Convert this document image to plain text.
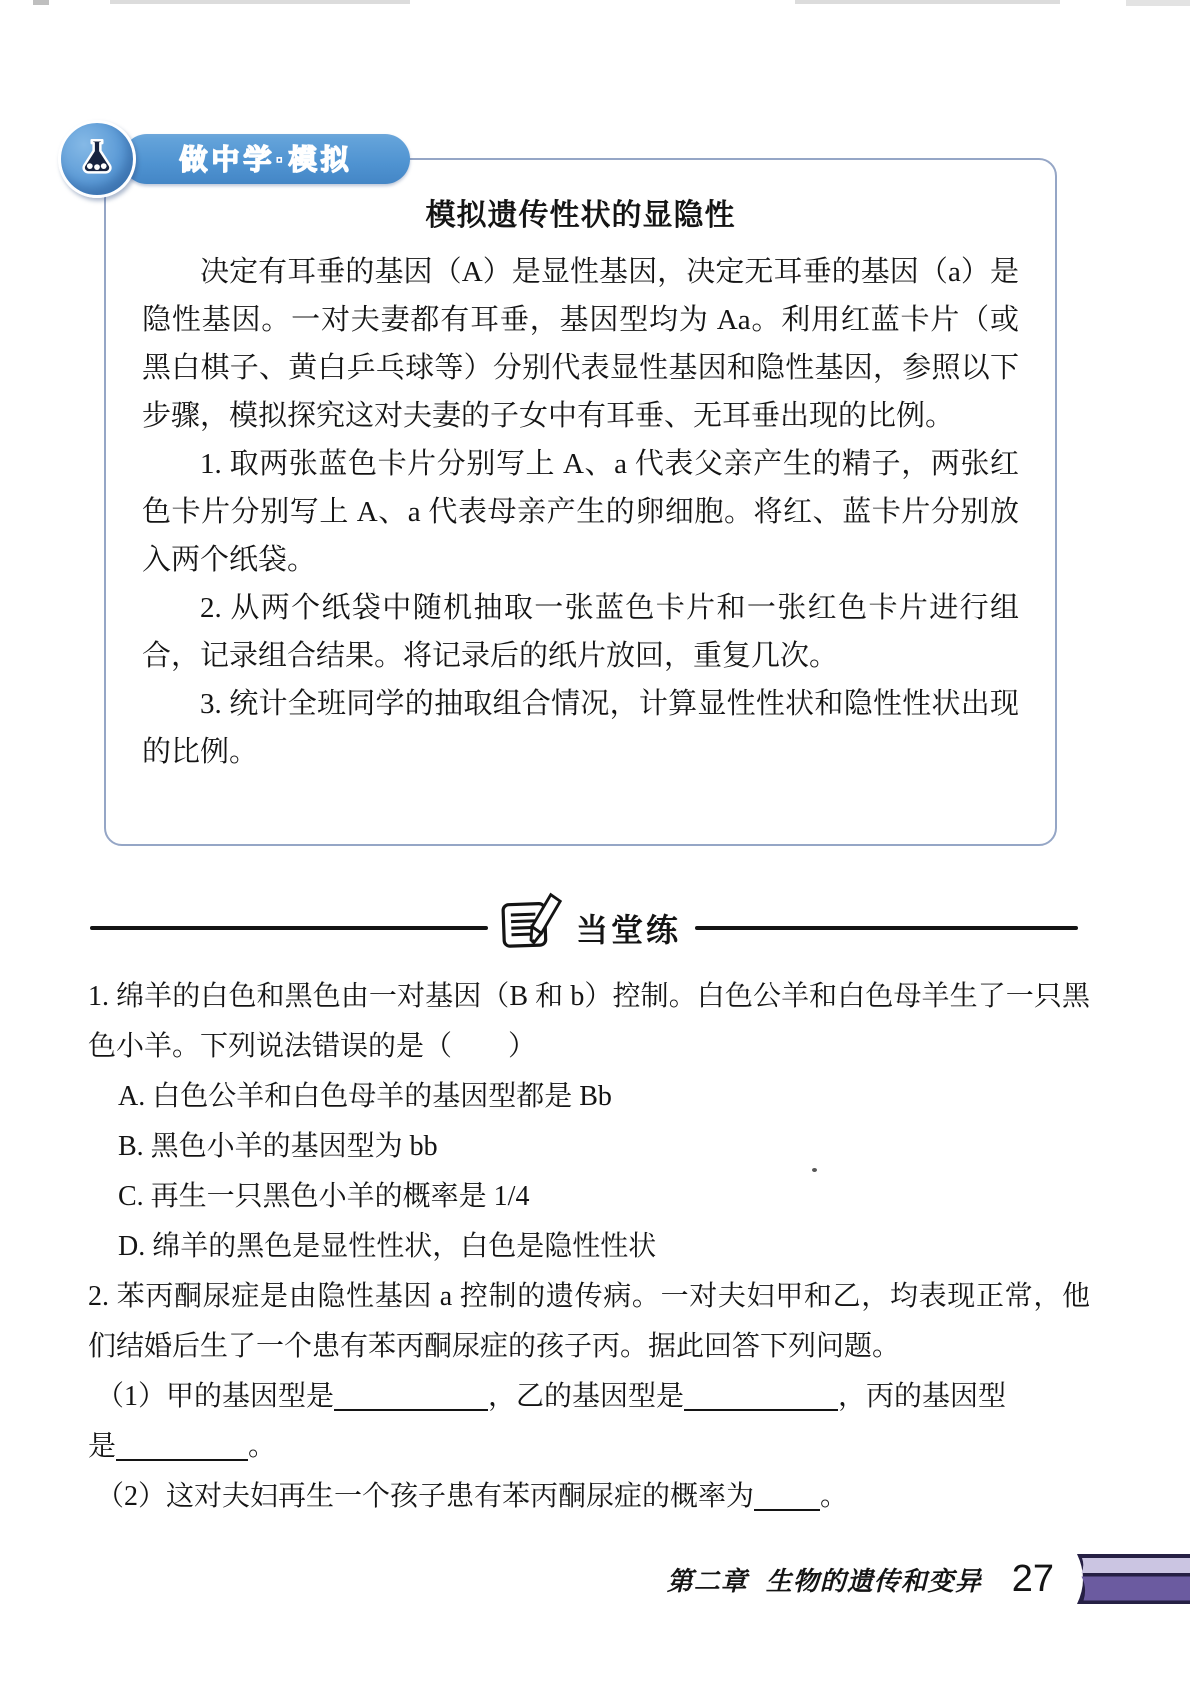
做中学·模拟
模拟遗传性状的显隐性

决定有耳垂的基因（A）是显性基因，决定无耳垂的基因（a）是隐性基因。一对夫妻都有耳垂，基因型均为 Aa。利用红蓝卡片（或黑白棋子、黄白乒乓球等）分别代表显性基因和隐性基因，参照以下步骤，模拟探究这对夫妻的子女中有耳垂、无耳垂出现的比例。

1. 取两张蓝色卡片分别写上 A、a 代表父亲产生的精子，两张红色卡片分别写上 A、a 代表母亲产生的卵细胞。将红、蓝卡片分别放入两个纸袋。

2. 从两个纸袋中随机抽取一张蓝色卡片和一张红色卡片进行组合，记录组合结果。将记录后的纸片放回，重复几次。

3. 统计全班同学的抽取组合情况，计算显性性状和隐性性状出现的比例。

当堂练

1. 绵羊的白色和黑色由一对基因（B 和 b）控制。白色公羊和白色母羊生了一只黑色小羊。下列说法错误的是（　　）

A. 白色公羊和白色母羊的基因型都是 Bb

B. 黑色小羊的基因型为 bb

C. 再生一只黑色小羊的概率是 1/4

D. 绵羊的黑色是显性性状，白色是隐性性状

2. 苯丙酮尿症是由隐性基因 a 控制的遗传病。一对夫妇甲和乙，均表现正常，他们结婚后生了一个患有苯丙酮尿症的孩子丙。据此回答下列问题。

（1）甲的基因型是	，乙的基因型是	，丙的基因型

是	。

（2）这对夫妇再生一个孩子患有苯丙酮尿症的概率为 。

第二章 生物的遗传和变异 27
